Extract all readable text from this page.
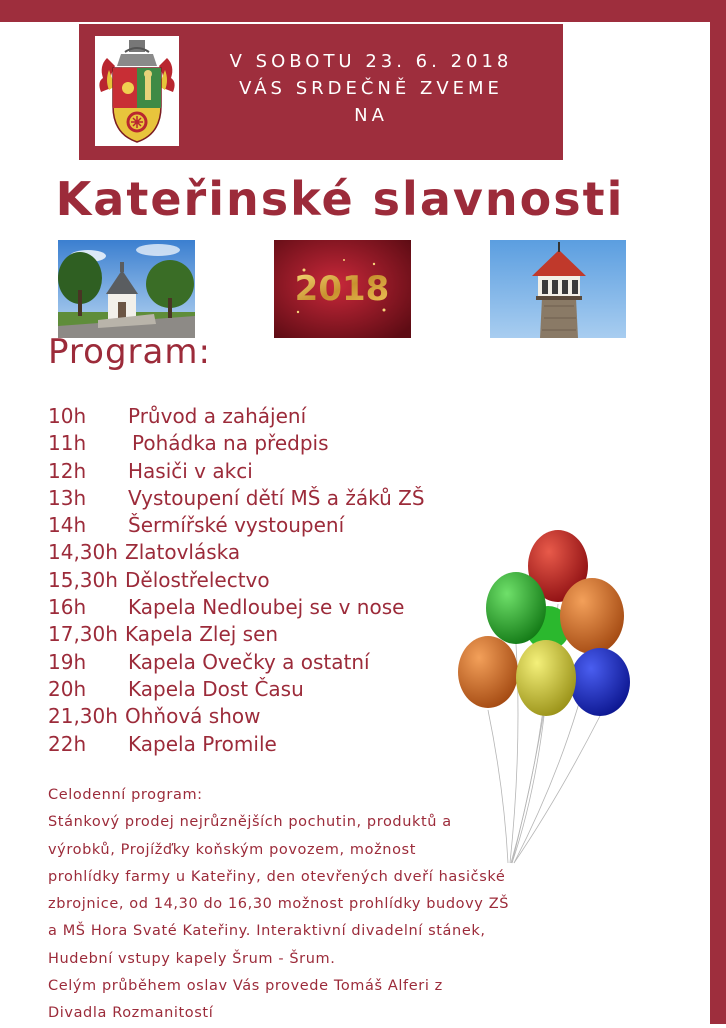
V SOBOTU 23. 6. 2018
VÁS SRDEČNĚ ZVEME
NA
Kateřinské slavnosti
2018
Program:
10h Průvod a zahájení
11h Pohádka na předpis
12h Hasiči v akci
13h Vystoupení dětí MŠ a žáků ZŠ
14h Šermířské vystoupení
14,30h Zlatovláska
15,30h Dělostřelectvo
16h Kapela Nedloubej se v nose
17,30h Kapela Zlej sen
19h Kapela Ovečky a ostatní
20h Kapela Dost Času
21,30h Ohňová show
22h Kapela Promile
Celodenní program:
Stánkový prodej nejrůznějších pochutin, produktů a
výrobků, Projížďky koňským povozem, možnost
prohlídky farmy u Kateřiny, den otevřených dveří hasičské
zbrojnice, od 14,30 do 16,30 možnost prohlídky budovy ZŠ
a MŠ Hora Svaté Kateřiny. Interaktivní divadelní stánek,
Hudební vstupy kapely Šrum - Šrum.
Celým průběhem oslav Vás provede Tomáš Alferi z
Divadla Rozmanitostí
